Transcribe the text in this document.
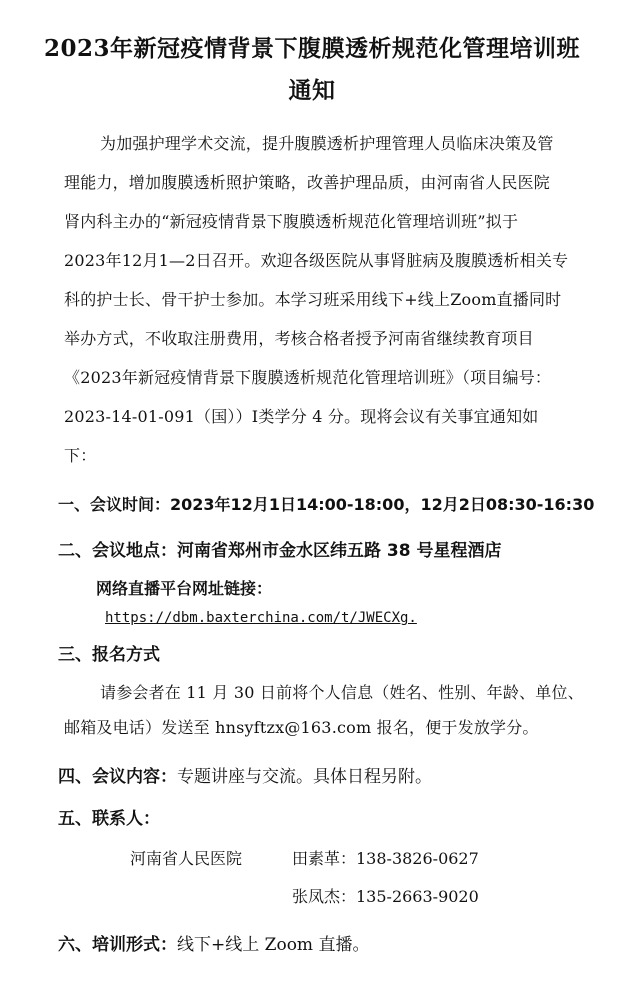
2023年新冠疫情背景下腹膜透析规范化管理培训班
通知
为加强护理学术交流，提升腹膜透析护理管理人员临床决策及管
理能力，增加腹膜透析照护策略，改善护理品质，由河南省人民医院
肾内科主办的“新冠疫情背景下腹膜透析规范化管理培训班”拟于
2023年12月1—2日召开。欢迎各级医院从事肾脏病及腹膜透析相关专
科的护士长、骨干护士参加。本学习班采用线下+线上Zoom直播同时
举办方式，不收取注册费用，考核合格者授予河南省继续教育项目
《2023年新冠疫情背景下腹膜透析规范化管理培训班》（项目编号：
2023-14-01-091（国））Ⅰ类学分 4 分。现将会议有关事宜通知如
下：
一、会议时间：2023年12月1日14:00-18:00，12月2日08:30-16:30
二、会议地点：河南省郑州市金水区纬五路 38 号星程酒店
网络直播平台网址链接：
https://dbm.baxterchina.com/t/JWECXg.
三、报名方式
请参会者在 11 月 30 日前将个人信息（姓名、性别、年龄、单位、
邮箱及电话）发送至 hnsyftzx@163.com 报名，便于发放学分。
四、会议内容：专题讲座与交流。具体日程另附。
五、联系人：
河南省人民医院	田素革：138-3826-0627
张凤杰：135-2663-9020
六、培训形式：线下+线上 Zoom 直播。
